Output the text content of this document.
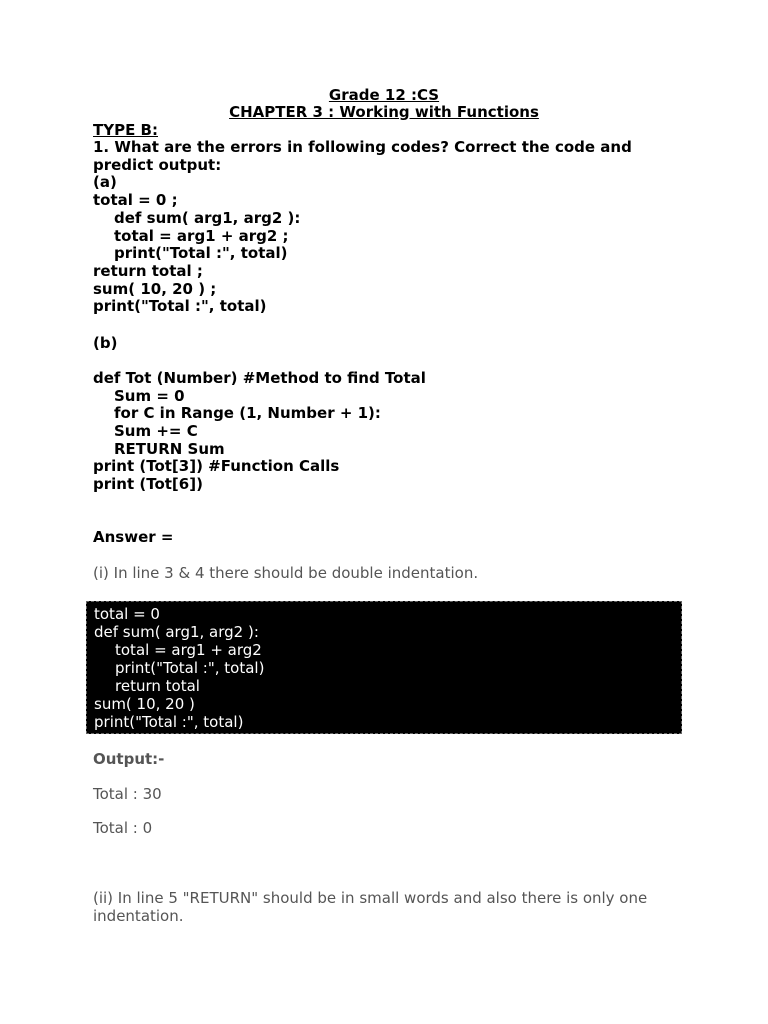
Grade 12 :CS
CHAPTER 3 : Working with Functions
TYPE B:
1. What are the errors in following codes? Correct the code and
predict output:
(a)
total = 0 ;
def sum( arg1, arg2 ):
total = arg1 + arg2 ;
print("Total :", total)
return total ;
sum( 10, 20 ) ;
print("Total :", total)
(b)
def Tot (Number) #Method to find Total
Sum = 0
for C in Range (1, Number + 1):
Sum += C
RETURN Sum
print (Tot[3]) #Function Calls
print (Tot[6])
Answer =
(i) In line 3 & 4 there should be double indentation.
total = 0
def sum( arg1, arg2 ):
total = arg1 + arg2
print("Total :", total)
return total
sum( 10, 20 )
print("Total :", total)
Output:-
Total : 30
Total : 0
(ii) In line 5 "RETURN" should be in small words and also there is only one indentation.
